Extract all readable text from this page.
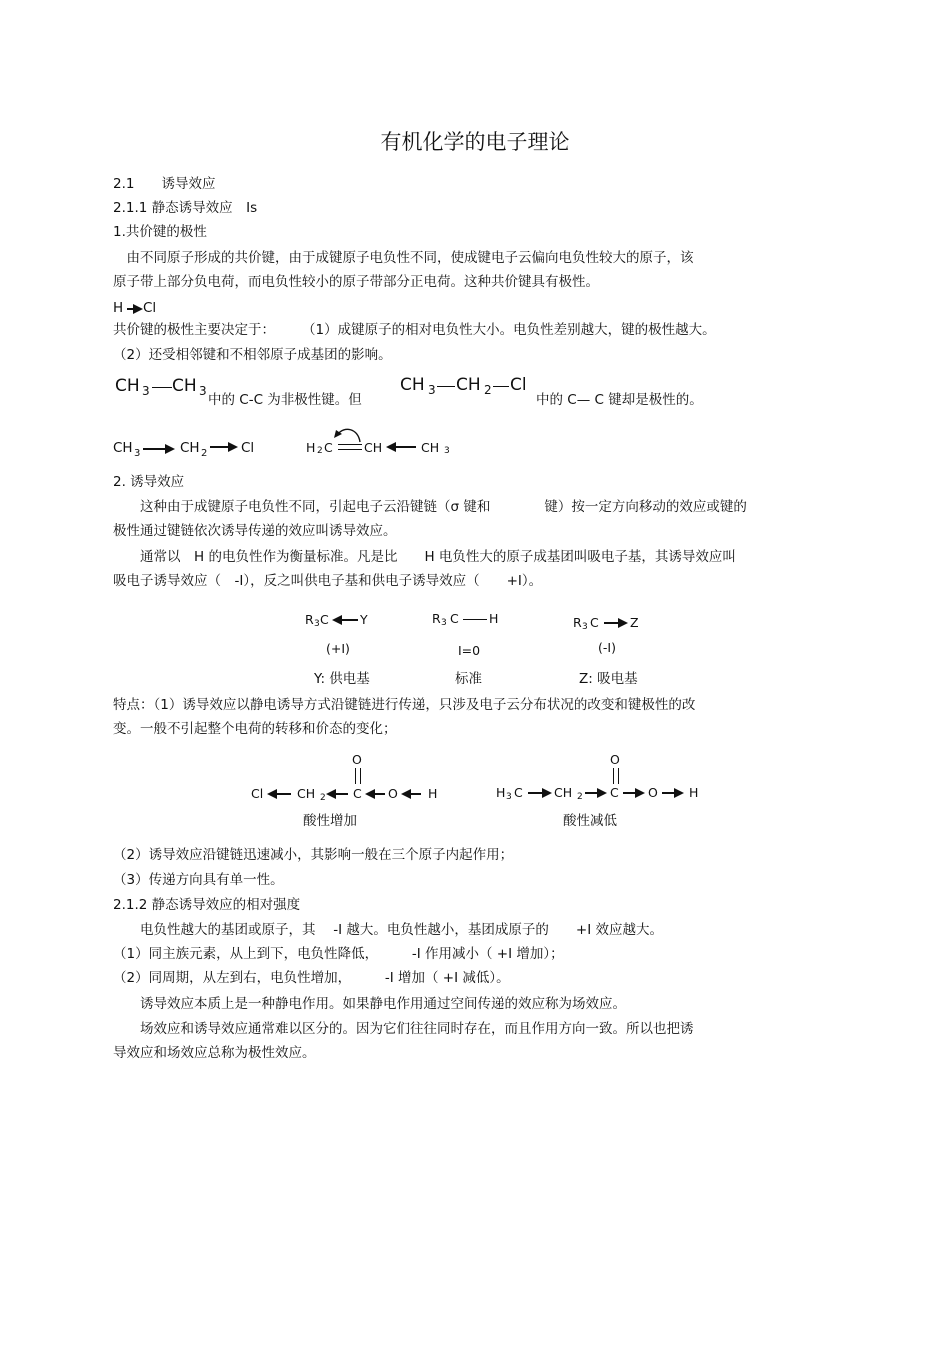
有机化学的电子理论
2.1　　诱导效应
2.1.1 静态诱导效应　Is
1.共价键的极性
　由不同原子形成的共价键，由于成键原子电负性不同，使成键电子云偏向电负性较大的原子，该
原子带上部分负电荷，而电负性较小的原子带部分正电荷。这种共价键具有极性。
H Cl
共价键的极性主要决定于：　　　（1）成键原子的相对电负性大小。电负性差别越大，键的极性越大。
（2）还受相邻键和不相邻原子成基团的影响。
CH 3 CH 3
中的 C-C 为非极性键。但
CH 3 CH 2 Cl
中的 C— C 键却是极性的。
CH 3	CH 2 Cl	H 2 C	CH	CH 3
2. 诱导效应
　　这种由于成键原子电负性不同，引起电子云沿键链（σ 键和　　　　键）按一定方向移动的效应或键的
极性通过键链依次诱导传递的效应叫诱导效应。
　　通常以　H 的电负性作为衡量标准。凡是比　　H 电负性大的原子成基团叫吸电子基，其诱导效应叫
吸电子诱导效应（　-I），反之叫供电子基和供电子诱导效应（　　+I）。
R 3 C	Y
(+I)
Y: 供电基
R 3 C H
I=0
标准
R 3 C	Z
(-I)
Z: 吸电基
特点：（1）诱导效应以静电诱导方式沿键链进行传递，只涉及电子云分布状况的改变和键极性的改
变。一般不引起整个电荷的转移和价态的变化；
O
Cl	CH 2 C O H
酸性增加
O
H 3 C	CH 2 C O H
酸性减低
（2）诱导效应沿键链迅速减小，其影响一般在三个原子内起作用；
（3）传递方向具有单一性。
2.1.2 静态诱导效应的相对强度
　　电负性越大的基团或原子，其　 -I 越大。电负性越小，基团成原子的　　+I 效应越大。
（1）同主族元素，从上到下，电负性降低，　　　-I 作用减小（ +I 增加）；
（2）同周期，从左到右，电负性增加，　　　-I 增加（ +I 减低）。
　　诱导效应本质上是一种静电作用。如果静电作用通过空间传递的效应称为场效应。
　　场效应和诱导效应通常难以区分的。因为它们往往同时存在，而且作用方向一致。所以也把诱
导效应和场效应总称为极性效应。
